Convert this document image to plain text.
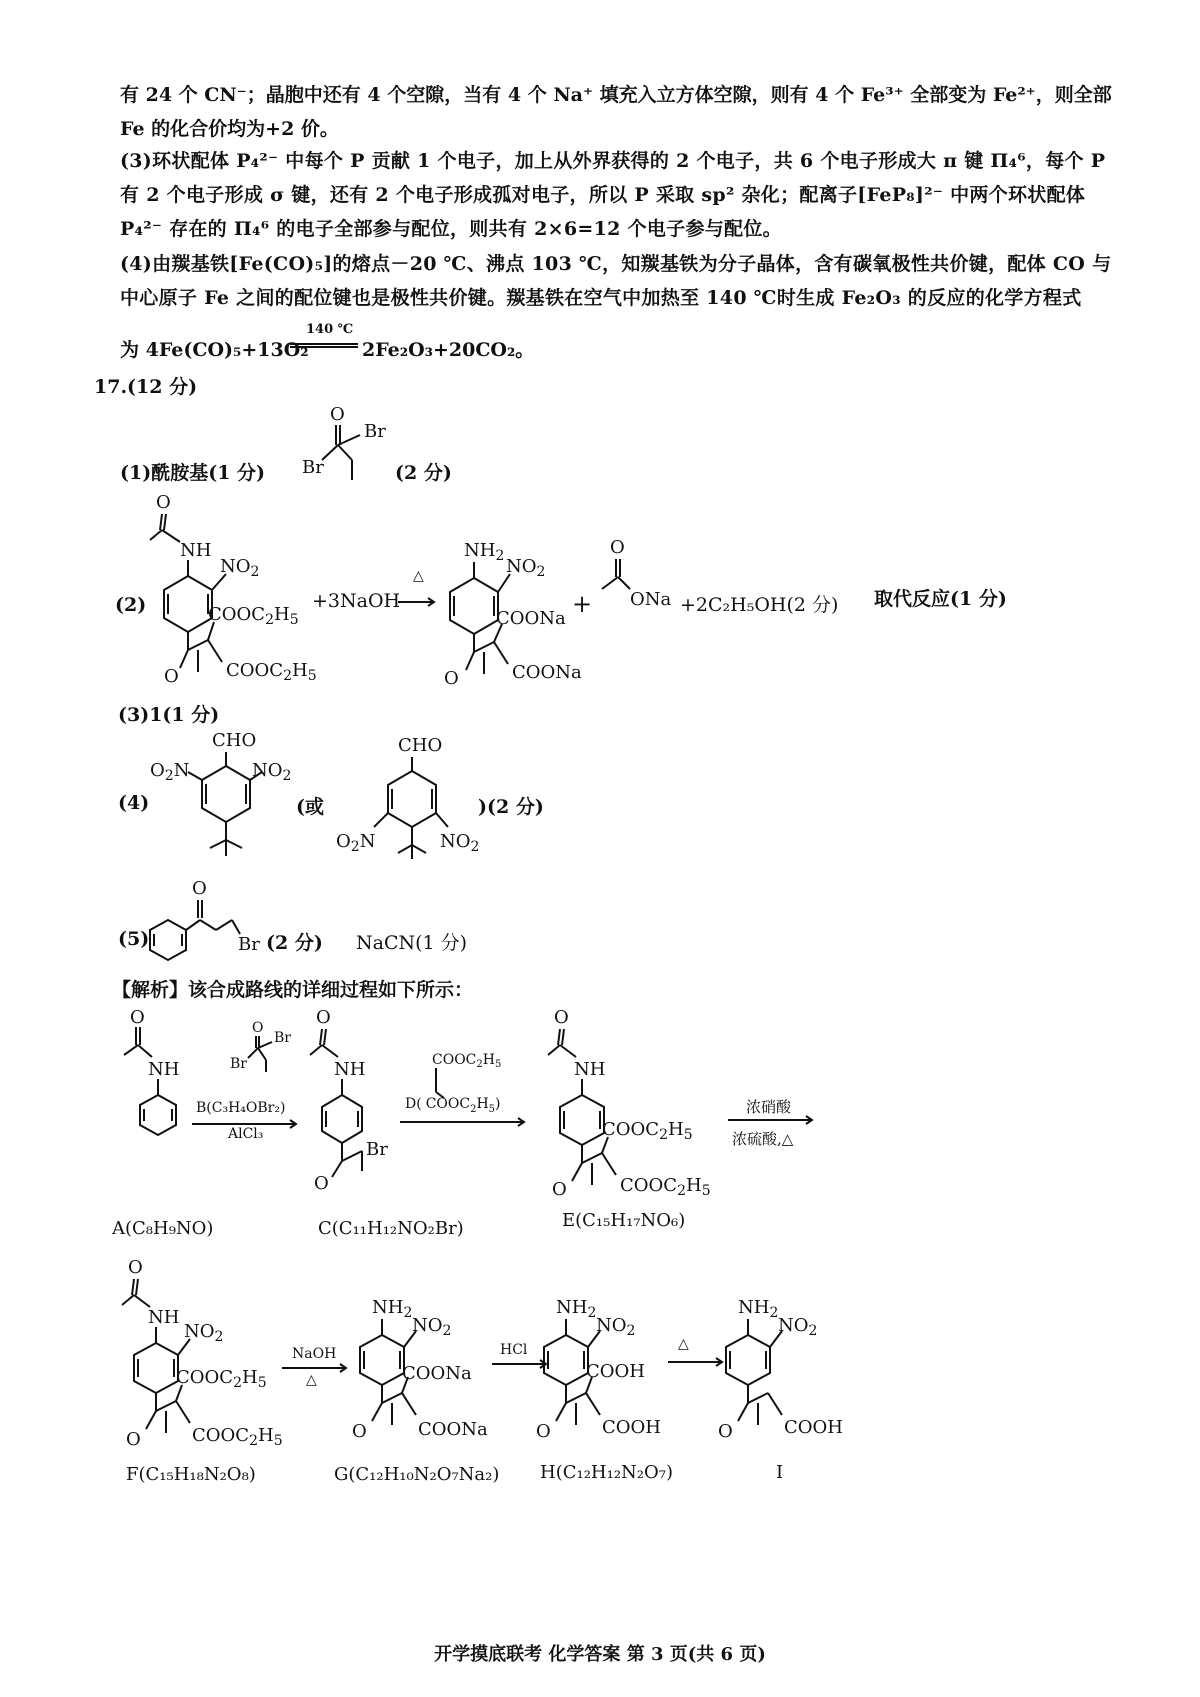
有 24 个 CN⁻；晶胞中还有 4 个空隙，当有 4 个 Na⁺ 填充入立方体空隙，则有 4 个 Fe³⁺ 全部变为 Fe²⁺，则全部
Fe 的化合价均为+2 价。
(3)环状配体 P₄²⁻ 中每个 P 贡献 1 个电子，加上从外界获得的 2 个电子，共 6 个电子形成大 π 键 Π₄⁶，每个 P 有 2 个电子形成 σ 键，还有 2 个电子形成孤对电子，所以 P 采取 sp² 杂化；配离子[FeP₈]²⁻ 中两个环状配体 P₄²⁻ 存在的 Π₄⁶ 的电子全部参与配位，则共有 2×6=12 个电子参与配位。
(4)由羰基铁[Fe(CO)₅]的熔点－20 ℃、沸点 103 ℃，知羰基铁为分子晶体，含有碳氧极性共价键，配体 CO 与中心原子 Fe 之间的配位键也是极性共价键。羰基铁在空气中加热至 140 ℃时生成 Fe₂O₃ 的反应的化学方程式
为 4Fe(CO)₅+13O₂
140 ℃
2Fe₂O₃+20CO₂。
17.(12 分)
(1)酰胺基(1 分)
O
Br
Br	(2 分)
(2)
O
NH
$NO_2$
O
$COOC_2H_5$
$COOC_2H_5$
+3NaOH
△
$NH_2$ $NO_2$
O
COONa
COONa
+
O
ONa +2C₂H₅OH(2 分) 取代反应(1 分)
(3)1(1 分)
(4)
CHO
$O_2N$	$NO_2$
(或
CHO
$O_2N$	$NO_2$
)(2 分)
(5)
O
Br (2 分) NaCN(1 分)
【解析】该合成路线的详细过程如下所示：
O
NH
O
Br
Br
B(C₃H₄OBr₂)
AlCl₃
O
NH
O
Br
$COOC_2H_5$
D( $COOC_2H_5$)
O
NH
O
$COOC_2H_5$
$COOC_2H_5$
浓硝酸
浓硫酸,△
A(C₈H₉NO)	C(C₁₁H₁₂NO₂Br)	E(C₁₅H₁₇NO₆)
O
NH
$NO_2$
O
$COOC_2H_5$
$COOC_2H_5$
NaOH
△
$NH_2$
$NO_2$
O
COONa
COONa
HCl
$NH_2$
$NO_2$
O
COOH
COOH
△
$NH_2$
$NO_2$
O	COOH
F(C₁₅H₁₈N₂O₈)	G(C₁₂H₁₀N₂O₇Na₂) H(C₁₂H₁₂N₂O₇)	I
开学摸底联考 化学答案 第 3 页(共 6 页)
